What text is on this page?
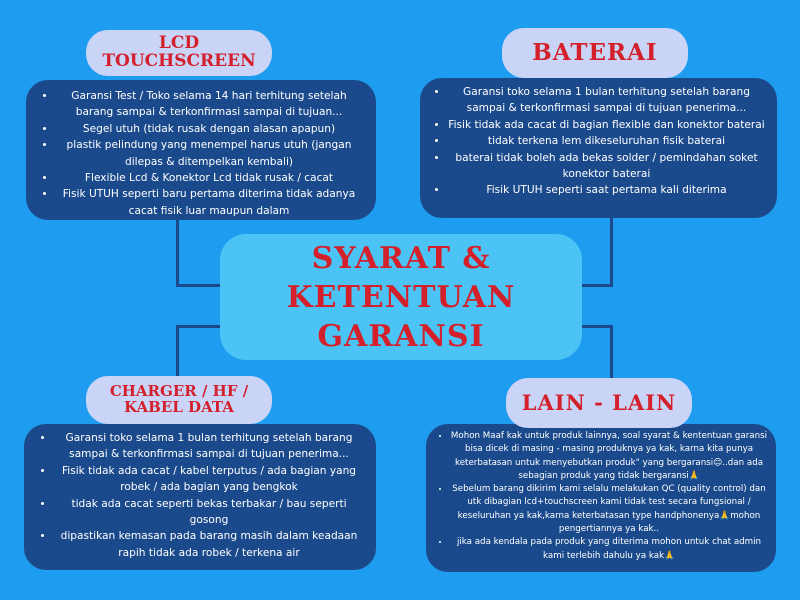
• Garansi Test / Toko selama 14 hari terhitung setelah barang sampai & terkonfirmasi sampai di tujuan...
• Segel utuh (tidak rusak dengan alasan apapun)
• plastik pelindung yang menempel harus utuh (jangan dilepas & ditempelkan kembali)
• Flexible Lcd & Konektor Lcd tidak rusak / cacat
• Fisik UTUH seperti baru pertama diterima tidak adanya cacat fisik luar maupun dalam
LCD TOUCHSCREEN
• Garansi toko selama 1 bulan terhitung setelah barang sampai & terkonfirmasi sampai di tujuan penerima...
• Fisik tidak ada cacat di bagian flexible dan konektor baterai
• tidak terkena lem dikeseluruhan fisik baterai
• baterai tidak boleh ada bekas solder / pemindahan soket konektor baterai
• Fisik UTUH seperti saat pertama kali diterima
BATERAI
SYARAT & KETENTUAN GARANSI
• Garansi toko selama 1 bulan terhitung setelah barang sampai & terkonfirmasi sampai di tujuan penerima...
• Fisik tidak ada cacat / kabel terputus / ada bagian yang robek / ada bagian yang bengkok
• tidak ada cacat seperti bekas terbakar / bau seperti gosong
• dipastikan kemasan pada barang masih dalam keadaan rapih tidak ada robek / terkena air
CHARGER / HF / KABEL DATA
• Mohon Maaf kak untuk produk lainnya, soal syarat & kententuan garansi bisa dicek di masing - masing produknya ya kak, karna kita punya keterbatasan untuk menyebutkan produk" yang bergaransi😊..dan ada sebagian produk yang tidak bergaransi🙏
• Sebelum barang dikirim kami selalu melakukan QC (quality control) dan utk dibagian lcd+touchscreen kami tidak test secara fungsional / keseluruhan ya kak,karna keterbatasan type handphonenya🙏mohon pengertiannya ya kak..
• jika ada kendala pada produk yang diterima mohon untuk chat admin kami terlebih dahulu ya kak🙏
LAIN - LAIN
